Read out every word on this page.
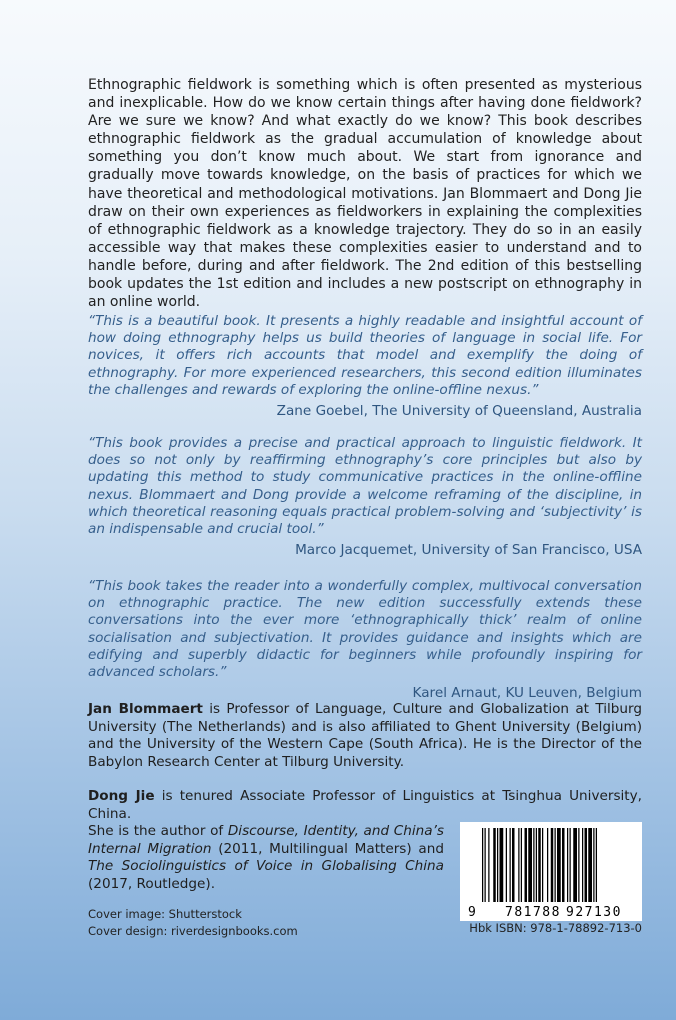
Ethnographic fieldwork is something which is often presented as mysterious and inexplicable. How do we know certain things after having done fieldwork? Are we sure we know? And what exactly do we know? This book describes ethnographic fieldwork as the gradual accumulation of knowledge about something you don’t know much about. We start from ignorance and gradually move towards knowledge, on the basis of practices for which we have theoretical and methodological motivations. Jan Blommaert and Dong Jie draw on their own experiences as fieldworkers in explaining the complexities of ethnographic fieldwork as a knowledge trajectory. They do so in an easily accessible way that makes these complexities easier to understand and to handle before, during and after fieldwork. The 2nd edition of this bestselling book updates the 1st edition and includes a new postscript on ethnography in an online world.
“This is a beautiful book. It presents a highly readable and insightful account of how doing ethnography helps us build theories of language in social life. For novices, it offers rich accounts that model and exemplify the doing of ethnography. For more experienced researchers, this second edition illuminates the challenges and rewards of exploring the online-offline nexus.”
Zane Goebel, The University of Queensland, Australia
“This book provides a precise and practical approach to linguistic fieldwork. It does so not only by reaffirming ethnography’s core principles but also by updating this method to study communicative practices in the online-offline nexus. Blommaert and Dong provide a welcome reframing of the discipline, in which theoretical reasoning equals practical problem-solving and ‘subjectivity’ is an indispensable and crucial tool.”
Marco Jacquemet, University of San Francisco, USA
“This book takes the reader into a wonderfully complex, multivocal conversation on ethnographic practice. The new edition successfully extends these conversations into the ever more ‘ethnographically thick’ realm of online socialisation and subjectivation. It provides guidance and insights which are edifying and superbly didactic for beginners while profoundly inspiring for advanced scholars.”
Karel Arnaut, KU Leuven, Belgium
Jan Blommaert is Professor of Language, Culture and Globalization at Tilburg University (The Netherlands) and is also affiliated to Ghent University (Belgium) and the University of the Western Cape (South Africa). He is the Director of the Babylon Research Center at Tilburg University.
Dong Jie is tenured Associate Professor of Linguistics at Tsinghua University, China.
She is the author of Discourse, Identity, and China’s Internal Migration (2011, Multilingual Matters) and The Sociolinguistics of Voice in Globalising China (2017, Routledge).
Cover image: Shutterstock
Cover design: riverdesignbooks.com
9 781788 927130
Hbk ISBN: 978-1-78892-713-0
